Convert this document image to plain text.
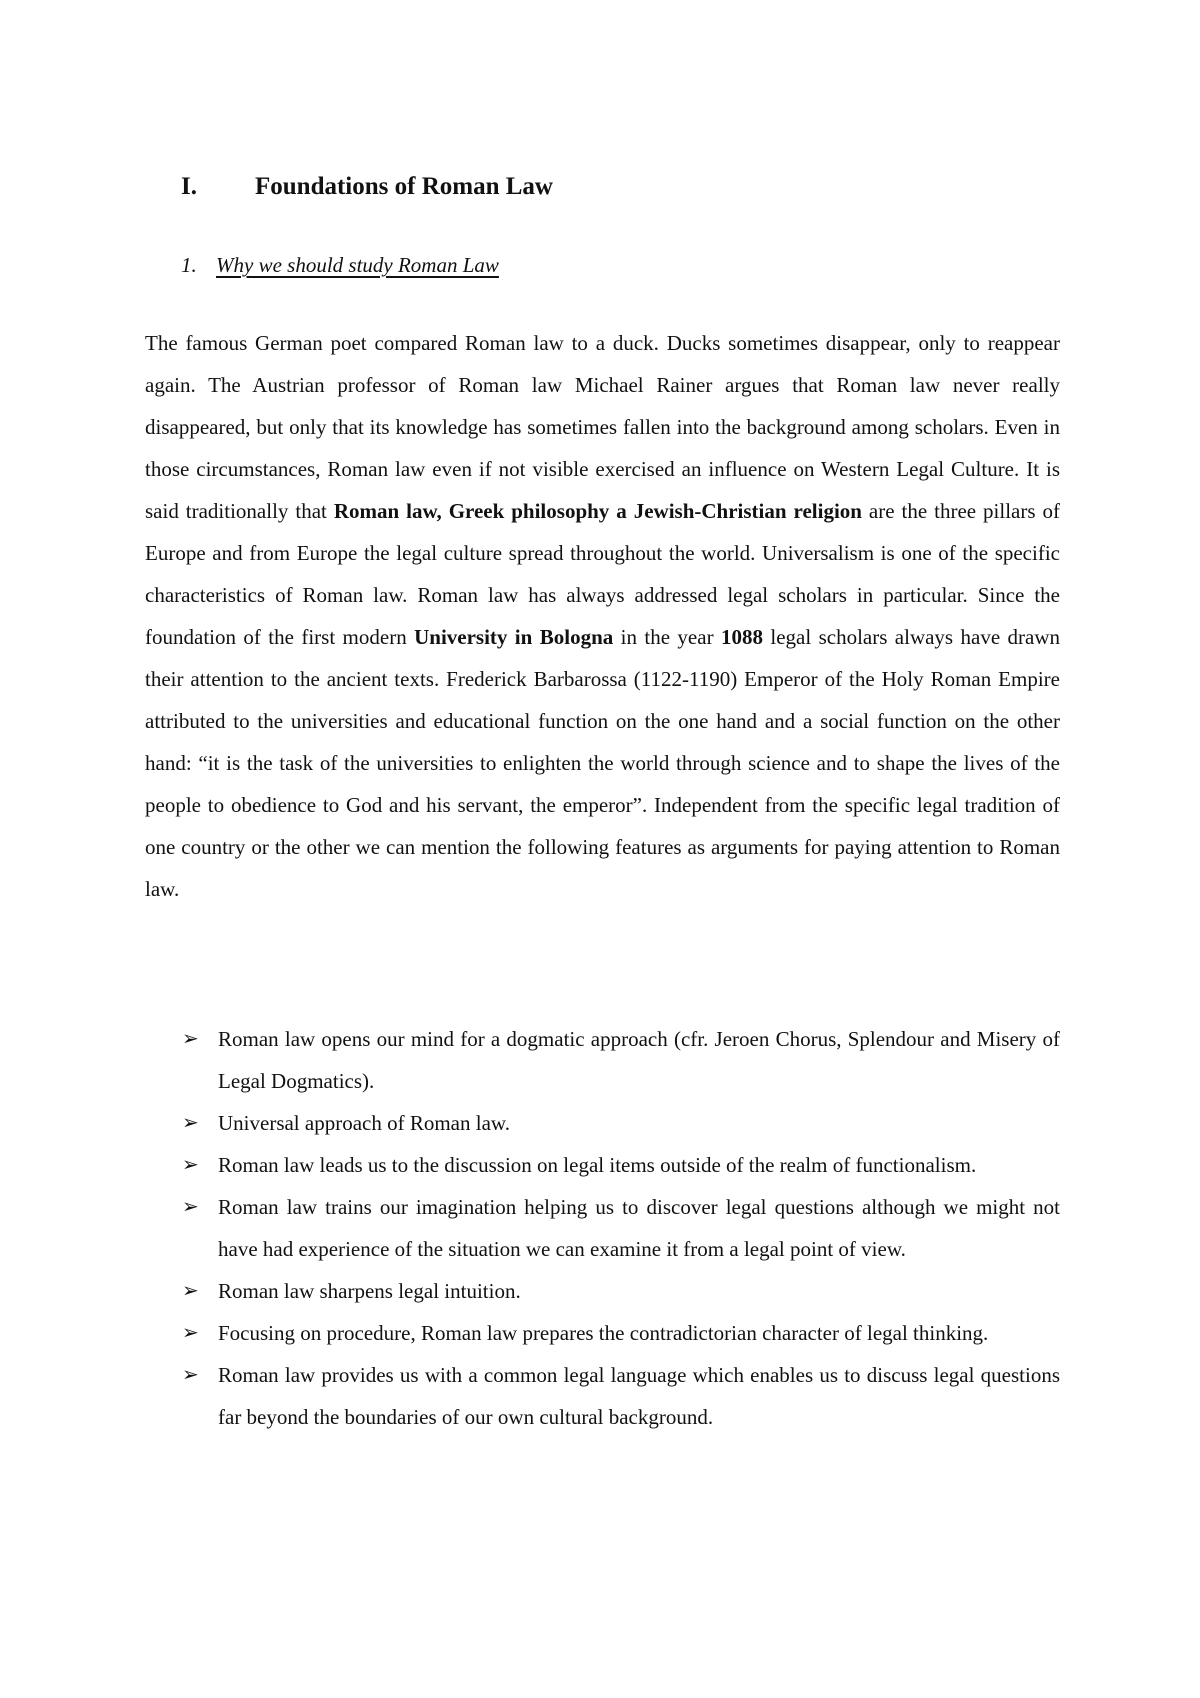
I. Foundations of Roman Law
1. Why we should study Roman Law

The famous German poet compared Roman law to a duck. Ducks sometimes disappear, only to reappear again. The Austrian professor of Roman law Michael Rainer argues that Roman law never really disappeared, but only that its knowledge has sometimes fallen into the background among scholars. Even in those circumstances, Roman law even if not visible exercised an influence on Western Legal Culture. It is said traditionally that Roman law, Greek philosophy a Jewish-Christian religion are the three pillars of Europe and from Europe the legal culture spread throughout the world. Universalism is one of the specific characteristics of Roman law. Roman law has always addressed legal scholars in particular. Since the foundation of the first modern University in Bologna in the year 1088 legal scholars always have drawn their attention to the ancient texts. Frederick Barbarossa (1122-1190) Emperor of the Holy Roman Empire attributed to the universities and educational function on the one hand and a social function on the other hand: “it is the task of the universities to enlighten the world through science and to shape the lives of the people to obedience to God and his servant, the emperor”. Independent from the specific legal tradition of one country or the other we can mention the following features as arguments for paying attention to Roman law.

➢ Roman law opens our mind for a dogmatic approach (cfr. Jeroen Chorus, Splendour and Misery of Legal Dogmatics).
➢ Universal approach of Roman law.
➢ Roman law leads us to the discussion on legal items outside of the realm of functionalism.
➢ Roman law trains our imagination helping us to discover legal questions although we might not have had experience of the situation we can examine it from a legal point of view.
➢ Roman law sharpens legal intuition.
➢ Focusing on procedure, Roman law prepares the contradictorian character of legal thinking.
➢ Roman law provides us with a common legal language which enables us to discuss legal questions far beyond the boundaries of our own cultural background.
